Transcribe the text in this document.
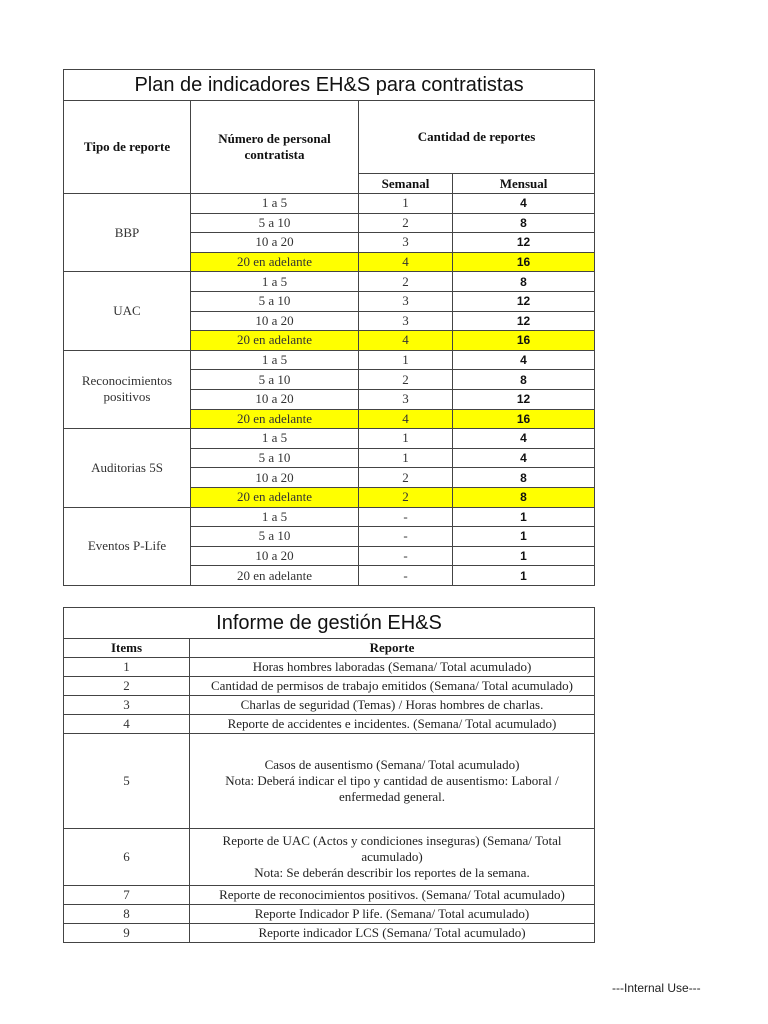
Plan de indicadores EH&S para contratistas			
Tipo de reporte	Número de personal contratista	Cantidad de reportes	
		Semanal	Mensual
BBP	1 a 5	1	4
	5 a 10	2	8
	10 a 20	3	12
	20 en adelante	4	16
UAC	1 a 5	2	8
	5 a 10	3	12
	10 a 20	3	12
	20 en adelante	4	16
Reconocimientos positivos	1 a 5	1	4
	5 a 10	2	8
	10 a 20	3	12
	20 en adelante	4	16
Auditorias 5S	1 a 5	1	4
	5 a 10	1	4
	10 a 20	2	8
	20 en adelante	2	8
Eventos P-Life	1 a 5	-	1
	5 a 10	-	1
	10 a 20	-	1
	20 en adelante	-	1
Informe de gestión EH&S	
Items	Reporte
1	Horas hombres laboradas (Semana/ Total acumulado)

2	Cantidad de permisos de trabajo emitidos (Semana/ Total acumulado)

3	Charlas de seguridad (Temas) / Horas hombres de charlas.

4	Reporte de accidentes e incidentes. (Semana/ Total acumulado)

5	Casos de ausentismo (Semana/ Total acumulado)
Nota: Deberá indicar el tipo y cantidad de ausentismo: Laboral / enfermedad general.

6	Reporte de UAC (Actos y condiciones inseguras) (Semana/ Total acumulado)
Nota: Se deberán describir los reportes de la semana.

7	Reporte de reconocimientos positivos. (Semana/ Total acumulado)

8	Reporte Indicador P life. (Semana/ Total acumulado)

9	Reporte indicador LCS (Semana/ Total acumulado)
---Internal Use---
